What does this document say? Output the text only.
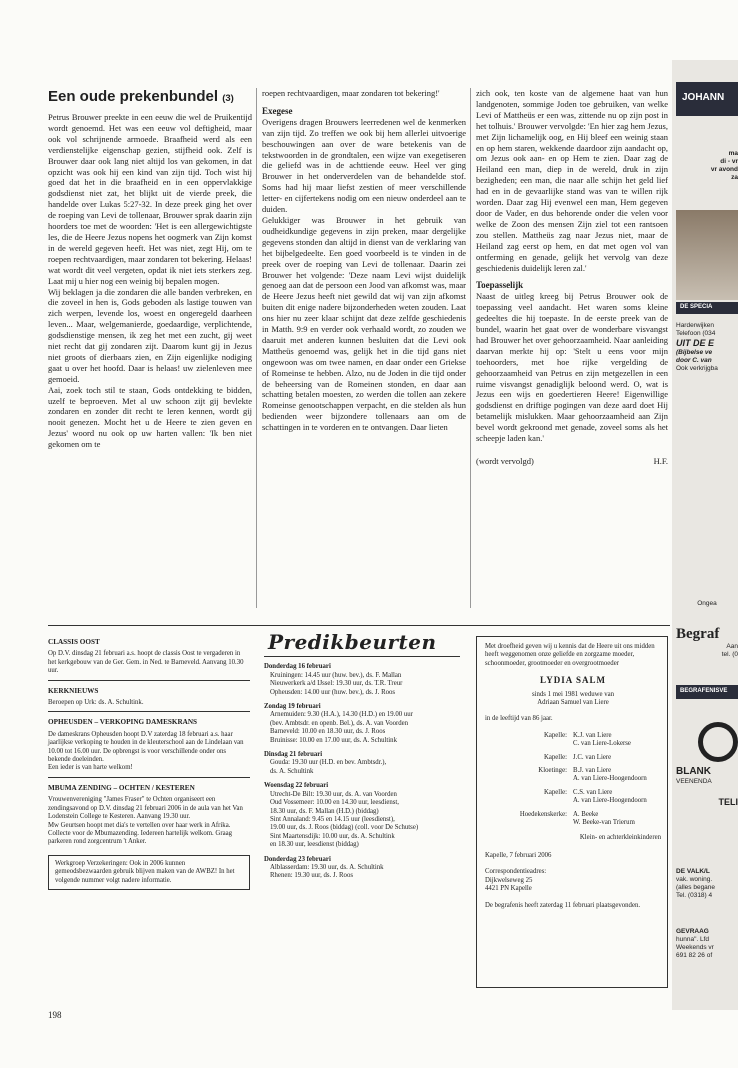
Een oude prekenbundel (3)

Petrus Brouwer preekte in een eeuw die wel de Pruikentijd wordt genoemd. Het was een eeuw vol deftigheid, maar ook vol schrijnende armoede. Braafheid werd als een verdienstelijke eigenschap gezien, stijfheid ook. Zelf is Brouwer daar ook lang niet altijd los van gekomen, in dat opzicht was ook hij een kind van zijn tijd. Toch wist hij goed dat het in die braafheid en in een oppervlakkige godsdienst niet zat, het blijkt uit de vierde preek, die handelde over Lukas 5:27-32. In deze preek ging het over de roeping van Levi de tollenaar, Brouwer sprak daarin zijn hoorders toe met de woorden: 'Het is een allergewichtigste les, die de Heere Jezus nopens het oogmerk van Zijn komst in de wereld gegeven heeft. Het was niet, zegt Hij, om te roepen rechtvaardigen, maar zondaren tot bekering. Helaas! wat wordt dit veel vergeten, opdat ik niet iets sterkers zeg. Laat mij u hier nog een weinig bij bepalen mogen.

Wij beklagen ja die zondaren die alle banden verbreken, en die zoveel in hen is, Gods geboden als lastige touwen van zich werpen, levende los, woest en ongeregeld daarheen leven... Maar, welgemanierde, goedaardige, verplichtende, godsdienstige mensen, ik zeg het met een zucht, gij weet niet recht dat gij zondaren zijt. Daarom kunt gij in Jezus niet groots of dierbaars zien, en Zijn eigenlijke nodiging gaat u over het hoofd. Daar is helaas! uw zielenleven mee gemoeid.

Aai, zoek toch stil te staan, Gods ontdekking te bidden, uzelf te beproeven. Met al uw schoon zijt gij bevlekte zondaren en zonder dit recht te leren kennen, wordt gij nooit genezen. Mocht het u de Heere te zien geven en Jezus' woord nu ook op uw harten vallen: 'Ik ben niet gekomen om te

roepen rechtvaardigen, maar zondaren tot bekering!'

Exegese

Overigens dragen Brouwers leerredenen wel de kenmerken van zijn tijd. Zo treffen we ook bij hem allerlei uitvoerige beschouwingen aan over de ware betekenis van de tekstwoorden in de grondtalen, een wijze van exegetiseren die geliefd was in de achttiende eeuw. Heel ver ging Brouwer in het onderverdelen van de behandelde stof. Soms had hij maar liefst zestien of meer verschillende letter- en cijfertekens nodig om een nieuw onderdeel aan te duiden.

Gelukkiger was Brouwer in het gebruik van oudheidkundige gegevens in zijn preken, maar dergelijke gegevens stonden dan altijd in dienst van de verklaring van het bijbelgedeelte. Een goed voorbeeld is te vinden in de preek over de roeping van Levi de tollenaar. Daarin zei Brouwer het volgende: 'Deze naam Levi wijst duidelijk genoeg aan dat de persoon een Jood van afkomst was, maar de Heere Jezus heeft niet gewild dat wij van zijn afkomst buiten dit enige nadere bijzonderheden weten zouden. Laat ons hier nu zeer klaar schijnt dat deze zelfde geschiedenis in Matth. 9:9 en verder ook verhaald wordt, zo zouden we daaruit met anderen kunnen besluiten dat die Levi ook Mattheüs genoemd was, gelijk het in die tijd gans niet ongewoon was om twee namen, en daar onder een Griekse of Romeinse te hebben. Alzo, nu de Joden in die tijd onder de beheersing van de Romeinen stonden, en daar aan schatting betalen moesten, zo werden die tollen aan zekere Romeinse genootschappen verpacht, en die stelden als hun bedienden weer bijzondere tollenaars aan om de schattingen in te vorderen en te ontvangen. Daar lieten

zich ook, ten koste van de algemene haat van hun landgenoten, sommige Joden toe gebruiken, van welke Levi of Mattheüs er een was, zittende nu op zijn post in het tolhuis.' Brouwer vervolgde: 'En hier zag hem Jezus, met Zijn lichamelijk oog, en Hij bleef een weinig staan en op hem staren, wekkende daardoor zijn aandacht op, om Jezus ook aan- en op Hem te zien. Daar zag de Heiland een man, diep in de wereld, druk in zijn bezigheden; een man, die naar alle schijn het geld lief had en in de gevaarlijke stand was van te willen rijk worden. Daar zag Hij evenwel een man, Hem gegeven door de Vader, en dus behorende onder die velen voor welke de Zoon des mensen Zijn ziel tot een rantsoen zou stellen. Mattheüs zag naar Jezus niet, maar de Heiland zag eerst op hem, en dat met ogen vol van ontferming en genade, gelijk het vervolg van deze geschiedenis duidelijk leren zal.'

Toepasselijk

Naast de uitleg kreeg bij Petrus Brouwer ook de toepassing veel aandacht. Het waren soms kleine gedeeltes die hij toepaste. In de eerste preek van de bundel, waarin het gaat over de wonderbare visvangst had Brouwer het over gehoorzaamheid. Naar aanleiding daarvan merkte hij op: 'Stelt u eens voor mijn toehoorders, met hoe rijke vergelding de gehoorzaamheid van Petrus en zijn metgezellen in een ruime visvangst genadiglijk beloond werd. O, wat is Jezus een wijs en goedertieren Heere! Eigenwillige godsdienst en driftige pogingen van deze aard doet Hij betamelijk mislukken. Maar gehoorzaamheid aan Zijn bevel wordt gekroond met genade, zoveel soms als het scheepje laden kan.'

(wordt vervolgd)	H.F.
CLASSIS OOST
Op D.V. dinsdag 21 februari a.s. hoopt de classis Oost te vergaderen in het kerkgebouw van de Ger. Gem. in Ned. te Barneveld. Aanvang 10.30 uur.
KERKNIEUWS
Beroepen op Urk: ds. A. Schultink.
OPHEUSDEN – VERKOPING DAMESKRANS
De dameskrans Opheusden hoopt D.V zaterdag 18 februari a.s. haar jaarlijkse verkoping te houden in de kleuterschool aan de Lindelaan van 10.00 tot 16.00 uur. De opbrengst is voor verschillende onder ons bekende doeleinden.
Een ieder is van harte welkom!
MBUMA ZENDING – OCHTEN / KESTEREN
Vrouwenvereniging "James Fraser" te Ochten organiseert een zendingsavond op D.V. dinsdag 21 februari 2006 in de aula van het Van Lodenstein College te Kesteren. Aanvang 19.30 uur.
Mw Geurtsen hoopt met dia's te vertellen over haar werk in Afrika.
Collecte voor de Mbumazending. Iedereen hartelijk welkom. Graag parkeren rond zorgcentrum 't Anker.
Werkgroep Verzekeringen: Ook in 2006 kunnen gemeodsbezwaarden gebruik blijven maken van de AWBZ! In het volgende nummer volgt nadere informatie.
Predikbeurten
Donderdag 16 februari
Kruiningen: 14.45 uur (huw. bev.), ds. F. Mallan
Nieuwerkerk a/d IJssel: 19.30 uur, ds. T.R. Treur
Opheusden: 14.00 uur (huw. bev.), ds. J. Roos
Zondag 19 februari
Arnemuiden: 9.30 (H.A.), 14.30 (H.D.) en 19.00 uur
(bev. Ambtsdr. en openb. Bel.), ds. A. van Voorden
Barneveld: 10.00 en 18.30 uur, ds. J. Roos
Bruinisse: 10.00 en 17.00 uur, ds. A. Schultink
Dinsdag 21 februari
Gouda: 19.30 uur (H.D. en bev. Ambtsdr.),
ds. A. Schultink
Woensdag 22 februari
Utrecht-De Bilt: 19.30 uur, ds. A. van Voorden
Oud Vossemeer: 10.00 en 14.30 uur, leesdienst,
18.30 uur, ds. F. Mallan (H.D.) (biddag)
Sint Annaland: 9.45 en 14.15 uur (leesdienst),
19.00 uur, ds. J. Roos (biddag) (coll. voor De Schutse)
Sint Maartensdijk: 10.00 uur, ds. A. Schultink
en 18.30 uur, leesdienst (biddag)
Donderdag 23 februari
Alblasserdam: 19.30 uur, ds. A. Schultink
Rhenen: 19.30 uur, ds. J. Roos
Met droefheid geven wij u kennis dat de Heere uit ons midden heeft weggenomen onze geliefde en zorgzame moeder, schoonmoeder, grootmoeder en overgrootmoeder
LYDIA SALM
sinds 1 mei 1981 weduwe van
Adriaan Samuel van Liere
in de leeftijd van 86 jaar.
Kapelle: K.J. van Liere
C. van Liere-Lokerse
Kapelle: J.C. van Liere
Kloetinge: B.J. van Liere
A. van Liere-Hoogendoorn
Kapelle: C.S. van Liere
A. van Liere-Hoogendoorn
Hoedekenskerke: A. Beeke
W. Beeke-van Trierum
Klein- en achterkleinkinderen
Kapelle, 7 februari 2006
Correspondentieadres:
Dijkwelseweg 25
4421 PN Kapelle
De begrafenis heeft zaterdag 11 februari plaatsgevonden.
JOHANN
ma
di - vr
vr avond
za
DE SPECIA
Harderwijken
Telefoon (034
UIT DE E
(Bijbelse ve
door C. van
Ook verkrijgba
Ongea
Begraf
Aan
tel. (0
BEGRAFENISVE
BLANK
VEENENDA
TELI
DE VALK/L
vak. woning.
(alles begane
Tel. (0318) 4
GEVRAAG
hunna". Lfd
Weekends vr
691 82 26 of
198
